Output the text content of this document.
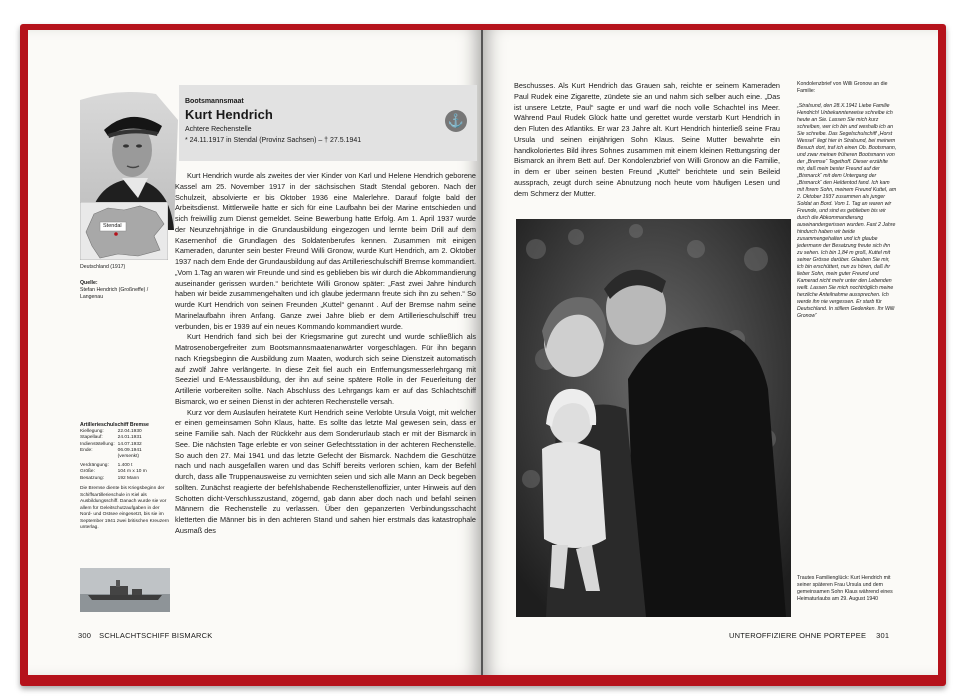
Bootsmannsmaat
Kurt Hendrich
Achtere Rechenstelle
* 24.11.1917 in Stendal (Provinz Sachsen) – † 27.5.1941
⚓
Stendal
Deutschland (1917)
Quelle:
Stefan Hendrich (Großneffe) / Langenau
Artillerieschulschiff Bremse
Kiellegung:	22.04.1930
Stapellauf:	24.01.1931
Indienststellung:	14.07.1932
Ende:	06.09.1941
	(versenkt)
Verdrängung:	1.400 t
Größe:	104 m x 10 m
Besatzung:	192 Mann
Die Bremse diente bis Kriegsbeginn der Schiffsartillerieschule in Kiel als Ausbildungsschiff. Danach wurde sie vor allem für Geleitschutzaufgaben in der Nord- und Ostsee eingesetzt, bis sie im September 1941 zwei britischen Kreuzern unterlag.

Kurt Hendrich wurde als zweites der vier Kinder von Karl und Helene Hendrich geborene Kassel am 25. November 1917 in der sächsischen Stadt Stendal geboren. Nach der Schulzeit, absolvierte er bis Oktober 1936 eine Malerlehre. Darauf folgte bald der Arbeitsdienst. Mittlerweile hatte er sich für eine Laufbahn bei der Marine entschieden und sich freiwillig zum Dienst gemeldet. Seine Bewerbung hatte Erfolg. Am 1. April 1937 wurde der Neunzehnjährige in die Grundausbildung eingezogen und lernte beim Drill auf dem Kasernenhof die Grundlagen des Soldatenberufes kennen. Zusammen mit einigen Kameraden, darunter sein bester Freund Willi Gronow, wurde Kurt Hendrich, am 2. Oktober 1937 nach dem Ende der Grundausbildung auf das Artillerieschulschiff Bremse kommandiert. „Vom 1.Tag an waren wir Freunde und sind es geblieben bis wir durch die Abkommandierung auseinander gerissen wurden.“ berichtete Willi Gronow später: „Fast zwei Jahre hindurch haben wir beide zusammengehalten und ich glaube jedermann freute sich ihn zu sehen.“ So wurde Kurt Hendrich von seinen Freunden „Kuttel“ genannt . Auf der Bremse nahm seine Marinelaufbahn ihren Anfang. Ganze zwei Jahre blieb er dem Artillerieschulschiff treu verbunden, bis er 1939 auf ein neues Kommando kommandiert wurde.

Kurt Hendrich fand sich bei der Kriegsmarine gut zurecht und wurde schließlich als Matrosenobergefreiter zum Bootsmannsmaatenanwärter vorgeschlagen. Für ihn begann nach Kriegsbeginn die Ausbildung zum Maaten, wodurch sich seine Dienstzeit automatisch auf zwölf Jahre verlängerte. In diese Zeit fiel auch ein Entfernungsmesserlehrgang mit Seeziel und E-Messausbildung, der ihn auf seine spätere Rolle in der Feuerleitung der Artillerie vorbereiten sollte. Nach Abschluss des Lehrgangs kam er auf das Schlachtschiff Bismarck, wo er seinen Dienst in der achteren Rechenstelle versah.

Kurz vor dem Auslaufen heiratete Kurt Hendrich seine Verlobte Ursula Voigt, mit welcher er einen gemeinsamen Sohn Klaus, hatte. Es sollte das letzte Mal gewesen sein, dass er seine Familie sah. Nach der Rückkehr aus dem Sonderurlaub stach er mit der Bismarck in See. Die nächsten Tage erlebte er von seiner Gefechtsstation in der achteren Rechenstelle. So auch den 27. Mai 1941 und das letzte Gefecht der Bismarck. Nachdem die Geschütze nach und nach ausgefallen waren und das Schiff bereits verloren schien, kam der Befehl durch, dass alle Truppenausweise zu vernichten seien und sich alle Mann an Deck begeben sollten. Zunächst reagierte der befehlshabende Rechenstellenoffizier, unter Hinweis auf den Schotten dicht-Verschlusszustand, zögernd, gab dann aber doch nach und befahl seinen Männern die Rechenstelle zu verlassen. Über den gepanzerten Verbindungsschacht kletterten die Männer bis in den achteren Stand und sahen hier erstmals das katastrophale Ausmaß des

300 SCHLACHTSCHIFF BISMARCK

Beschusses. Als Kurt Hendrich das Grauen sah, reichte er seinem Kameraden Paul Rudek eine Zigarette, zündete sie an und nahm sich selber auch eine. „Das ist unsere Letzte, Paul“ sagte er und warf die noch volle Schachtel ins Meer. Während Paul Rudek Glück hatte und gerettet wurde verstarb Kurt Hendrich in den Fluten des Atlantiks. Er war 23 Jahre alt. Kurt Hendrich hinterließ seine Frau Ursula und seinen einjährigen Sohn Klaus. Seine Mutter bewahrte ein handkoloriertes Bild ihres Sohnes zusammen mit einem kleinen Rettungsring der Bismarck an ihrem Bett auf. Der Kondolenzbrief von Willi Gronow an die Familie, in dem er über seinen besten Freund „Kuttel“ berichtete und sein Beileid aussprach, zeugt durch seine Abnutzung noch heute vom häufigen Lesen und dem Schmerz der Mutter.

Kondolenzbrief von Willi Gronow an die Familie:
„Stralsund, den 28.X.1941 Liebe Familie Hendrich! Unbekannterweise schreibe ich heute an Sie. Lassen Sie mich kurz schreiben, wer ich bin und weshalb ich an Sie schreibe. Das Segelschulschiff „Horst Wessel“ liegt hier in Stralsund, bei meinem Besuch dort, traf ich einen Ob. Bootsmann, und zwar meinen früheren Bootsmann von der „Bremse“ Tegethoff. Dieser erzählte mir, daß mein bester Freund auf der „Bismarck“ mit dem Untergang der „Bismarck“ den Heldentod fand. Ich kam mit Ihrem Sohn, meinem Freund Kuttel, am 2. Oktober 1937 zusammen als junger Soldat an Bord. Vom 1. Tag an waren wir Freunde, und sind es geblieben bis wir durch die Abkommandierung auseinandergerissen wurden. Fast 2 Jahre hindurch haben wir beide zusammengehalten und ich glaube jedermann der Besatzung freute sich ihn zu sehen. Ich bin 1,84 m groß, Kuttel mit seiner Grösse darüber. Glauben Sie mir, ich bin erschüttert, nun zu hören, daß ihr lieber Sohn, mein guter Freund und Kamerad nicht mehr unter den Lebenden weilt. Lassen Sie mich nochtröglich meine herzliche Anteilnahme aussprechen. Ich werde ihn nie vergessen. Er starb für Deutschland. In stillem Gedenken. Ihr Willi Gronow“
Trautes Familienglück: Kurt Hendrich mit seiner späteren Frau Ursula und dem gemeinsamen Sohn Klaus während eines Heimaturlaubs am 29. August 1940
UNTEROFFIZIERE OHNE PORTEPEE 301
